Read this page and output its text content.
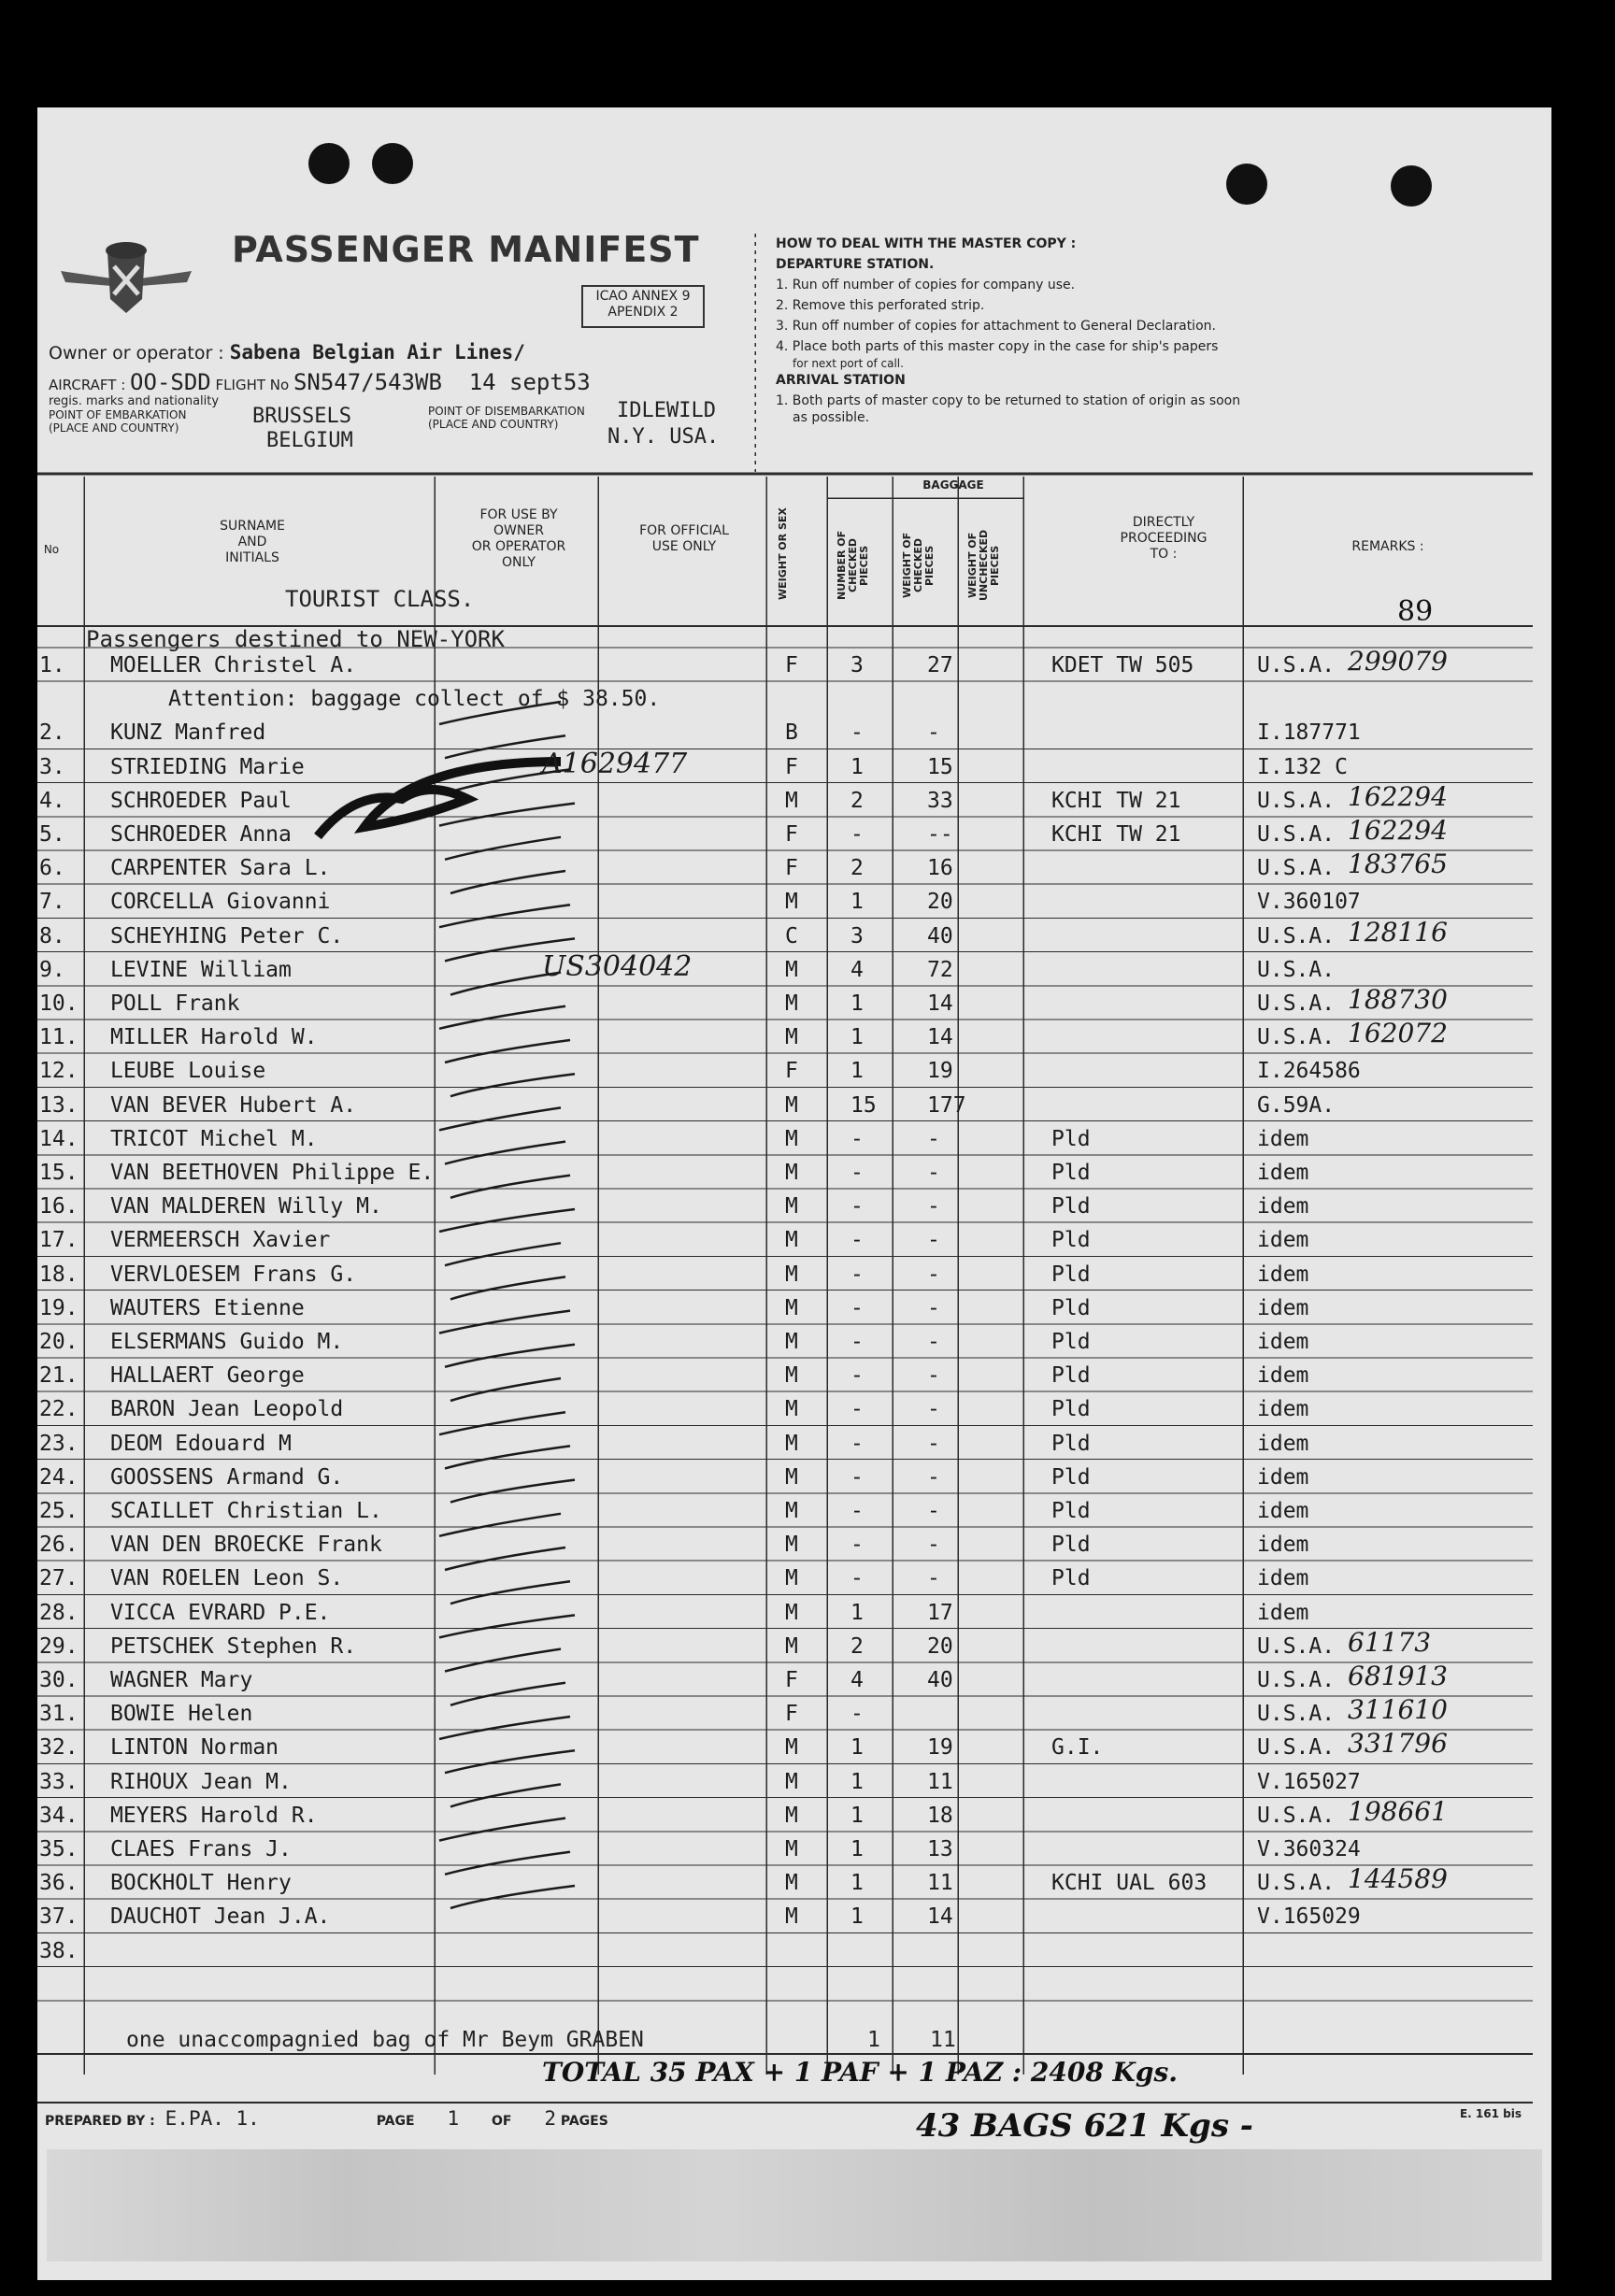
PASSENGER MANIFEST
ICAO ANNEX 9
APENDIX 2
Owner or operator : Sabena Belgian Air Lines/
AIRCRAFT : OO-SDD FLIGHT No SN547/543WB 14 sept53
regis. marks and nationality
POINT OF EMBARKATION (PLACE AND COUNTRY)	BRUSSELS
BELGIUM
POINT OF DISEMBARKATION (PLACE AND COUNTRY)
IDLEWILD
N.Y. USA.
HOW TO DEAL WITH THE MASTER COPY :
DEPARTURE STATION.
1. Run off number of copies for company use.
2. Remove this perforated strip.
3. Run off number of copies for attachment to General Declaration.
4. Place both parts of this master copy in the case for ship's papers
for next port of call.
ARRIVAL STATION
1. Both parts of master copy to be returned to station of origin as soon
as possible.
No
SURNAME
AND
INITIALS
FOR USE BY
OWNER
OR OPERATOR
ONLY
FOR OFFICIAL
USE ONLY	WEIGHT OR SEX
BAGGAGE
NUMBER OF CHECKED PIECES	WEIGHT OF CHECKED PIECES	WEIGHT OF UNCHECKED PIECES
DIRECTLY
PROCEEDING
TO :	REMARKS :
TOURIST CLASS.	89
Passengers destined to NEW-YORK
1. MOELLER Christel A.	F 3	27	KDET TW 505	U.S.A. 299079
Attention: baggage collect of $ 38.50.
2. KUNZ Manfred	B -	-	I.187771
3. STRIEDING Marie	F 1	15	I.132 C
A1629477
4. SCHROEDER Paul	M 2	33	KCHI TW 21	U.S.A. 162294
5. SCHROEDER Anna	F -	--	KCHI TW 21	U.S.A. 162294
6. CARPENTER Sara L.	F 2	16	U.S.A. 183765
7. CORCELLA Giovanni	M 1	20	V.360107
8. SCHEYHING Peter C.	C 3	40	U.S.A. 128116
9. LEVINE William	M 4	72	U.S.A.
US304042
10. POLL Frank	M 1	14	U.S.A. 188730
11. MILLER Harold W.	M 1	14	U.S.A. 162072
12. LEUBE Louise	F 1	19	I.264586
13. VAN BEVER Hubert A.	M 15 177	G.59A.
14. TRICOT Michel M.	M -	-	Pld	idem
15. VAN BEETHOVEN Philippe E.	M -	-	Pld	idem
16. VAN MALDEREN Willy M.	M -	-	Pld	idem
17. VERMEERSCH Xavier	M -	-	Pld	idem
18. VERVLOESEM Frans G.	M -	-	Pld	idem
19. WAUTERS Etienne	M -	-	Pld	idem
20. ELSERMANS Guido M.	M -	-	Pld	idem
21. HALLAERT George	M -	-	Pld	idem
22. BARON Jean Leopold	M -	-	Pld	idem
23. DEOM Edouard M	M -	-	Pld	idem
24. GOOSSENS Armand G.	M -	-	Pld	idem
25. SCAILLET Christian L.	M -	-	Pld	idem
26. VAN DEN BROECKE Frank	M -	-	Pld	idem
27. VAN ROELEN Leon S.	M -	-	Pld	idem
28. VICCA EVRARD P.E.	M 1	17	idem
29. PETSCHEK Stephen R.	M 2	20	U.S.A. 61173
30. WAGNER Mary	F 4	40	U.S.A. 681913
31. BOWIE Helen	F -	U.S.A. 311610
32. LINTON Norman	M 1	19	G.I.	U.S.A. 331796
33. RIHOUX Jean M.	M 1	11	V.165027
34. MEYERS Harold R.	M 1	18	U.S.A. 198661
35. CLAES Frans J.	M 1	13	V.360324
36. BOCKHOLT Henry	M 1	11	KCHI UAL 603 U.S.A. 144589
37. DAUCHOT Jean J.A.	M 1	14	V.165029
38.
one unaccompagnied bag of Mr Beym GRABEN	1 11
TOTAL 35 PAX + 1 PAF + 1 PAZ : 2408 Kgs.
PREPARED BY : E.PA. 1.	PAGE 1 OF 2 PAGES	E. 161 bis
43 BAGS 621 Kgs -
